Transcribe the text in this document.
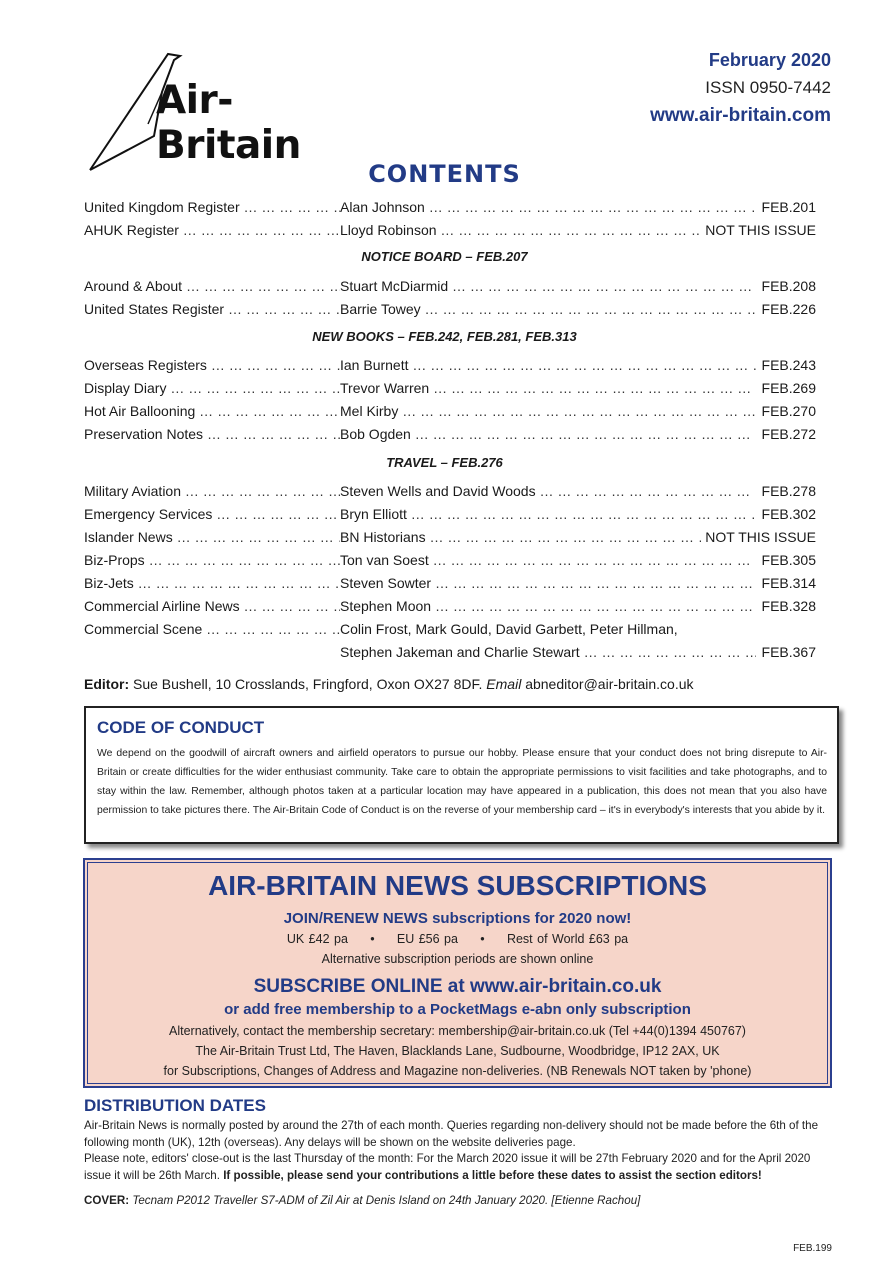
Air-Britain
February 2020
ISSN 0950-7442
www.air-britain.com
CONTENTS
United Kingdom Register … … … … … … … … … … … … … … … … … … … … … … … …	Alan Johnson … … … … … … … … … … … … … … … … … … … … … … … … … … … … … … … … … … … … … … … …	FEB.201
AHUK Register … … … … … … … … … … … … … … … … … … … … … … … …	Lloyd Robinson … … … … … … … … … … … … … … … … … … … … … … … … … … … … … … … … … … … … … … … …	NOT THIS ISSUE
NOTICE BOARD – FEB.207
Around & About … … … … … … … … … … … … … … … … … … … … … … … …	Stuart McDiarmid … … … … … … … … … … … … … … … … … … … … … … … … … … … … … … … … … … … … … … … …	FEB.208
United States Register … … … … … … … … … … … … … … … … … … … … … … … …	Barrie Towey … … … … … … … … … … … … … … … … … … … … … … … … … … … … … … … … … … … … … … … …	FEB.226
NEW BOOKS – FEB.242, FEB.281, FEB.313
Overseas Registers … … … … … … … … … … … … … … … … … … … … … … … …	Ian Burnett … … … … … … … … … … … … … … … … … … … … … … … … … … … … … … … … … … … … … … … …	FEB.243
Display Diary … … … … … … … … … … … … … … … … … … … … … … … …	Trevor Warren … … … … … … … … … … … … … … … … … … … … … … … … … … … … … … … … … … … … … … … …	FEB.269
Hot Air Ballooning … … … … … … … … … … … … … … … … … … … … … … … …	Mel Kirby … … … … … … … … … … … … … … … … … … … … … … … … … … … … … … … … … … … … … … … …	FEB.270
Preservation Notes … … … … … … … … … … … … … … … … … … … … … … … …	Bob Ogden … … … … … … … … … … … … … … … … … … … … … … … … … … … … … … … … … … … … … … … …	FEB.272
TRAVEL – FEB.276
Military Aviation … … … … … … … … … … … … … … … … … … … … … … … …	Steven Wells and David Woods … … … … … … … … … … … … … … … … … … … … … … … … … … … … … … … … … … … … … … … …	FEB.278
Emergency Services … … … … … … … … … … … … … … … … … … … … … … … …	Bryn Elliott … … … … … … … … … … … … … … … … … … … … … … … … … … … … … … … … … … … … … … … …	FEB.302
Islander News … … … … … … … … … … … … … … … … … … … … … … … …	BN Historians … … … … … … … … … … … … … … … … … … … … … … … … … … … … … … … … … … … … … … … …	NOT THIS ISSUE
Biz-Props … … … … … … … … … … … … … … … … … … … … … … … …	Ton van Soest … … … … … … … … … … … … … … … … … … … … … … … … … … … … … … … … … … … … … … … …	FEB.305
Biz-Jets … … … … … … … … … … … … … … … … … … … … … … … …	Steven Sowter … … … … … … … … … … … … … … … … … … … … … … … … … … … … … … … … … … … … … … … …	FEB.314
Commercial Airline News … … … … … … … … … … … … … … … … … … … … … … … …	Stephen Moon … … … … … … … … … … … … … … … … … … … … … … … … … … … … … … … … … … … … … … … …	FEB.328
Commercial Scene … … … … … … … … … … … … … … … … … … … … … … … …	Colin Frost, Mark Gould, David Garbett, Peter Hillman,
Stephen Jakeman and Charlie Stewart … … … … … … … … … … … … … … … … … … … … … … … … … … … … … … … … … … … … … … … …	FEB.367
Editor: Sue Bushell, 10 Crosslands, Fringford, Oxon OX27 8DF. Email abneditor@air-britain.co.uk
CODE OF CONDUCT
We depend on the goodwill of aircraft owners and airfield operators to pursue our hobby. Please ensure that your conduct does not bring disrepute to Air-Britain or create difficulties for the wider enthusiast community. Take care to obtain the appropriate permissions to visit facilities and take photographs, and to stay within the law. Remember, although photos taken at a particular location may have appeared in a publication, this does not mean that you also have permission to take pictures there. The Air-Britain Code of Conduct is on the reverse of your membership card – it's in everybody's interests that you abide by it.
AIR-BRITAIN NEWS SUBSCRIPTIONS
JOIN/RENEW NEWS subscriptions for 2020 now!
UK £42 pa • EU £56 pa • Rest of World £63 pa
Alternative subscription periods are shown online
SUBSCRIBE ONLINE at www.air-britain.co.uk
or add free membership to a PocketMags e-abn only subscription
Alternatively, contact the membership secretary: membership@air-britain.co.uk (Tel +44(0)1394 450767)
The Air-Britain Trust Ltd, The Haven, Blacklands Lane, Sudbourne, Woodbridge, IP12 2AX, UK
for Subscriptions, Changes of Address and Magazine non-deliveries. (NB Renewals NOT taken by 'phone)
DISTRIBUTION DATES
Air-Britain News is normally posted by around the 27th of each month. Queries regarding non-delivery should not be made before the 6th of the following month (UK), 12th (overseas). Any delays will be shown on the website deliveries page.
Please note, editors' close-out is the last Thursday of the month: For the March 2020 issue it will be 27th February 2020 and for the April 2020 issue it will be 26th March. If possible, please send your contributions a little before these dates to assist the section editors!
COVER: Tecnam P2012 Traveller S7-ADM of Zil Air at Denis Island on 24th January 2020. [Etienne Rachou]
FEB.199
